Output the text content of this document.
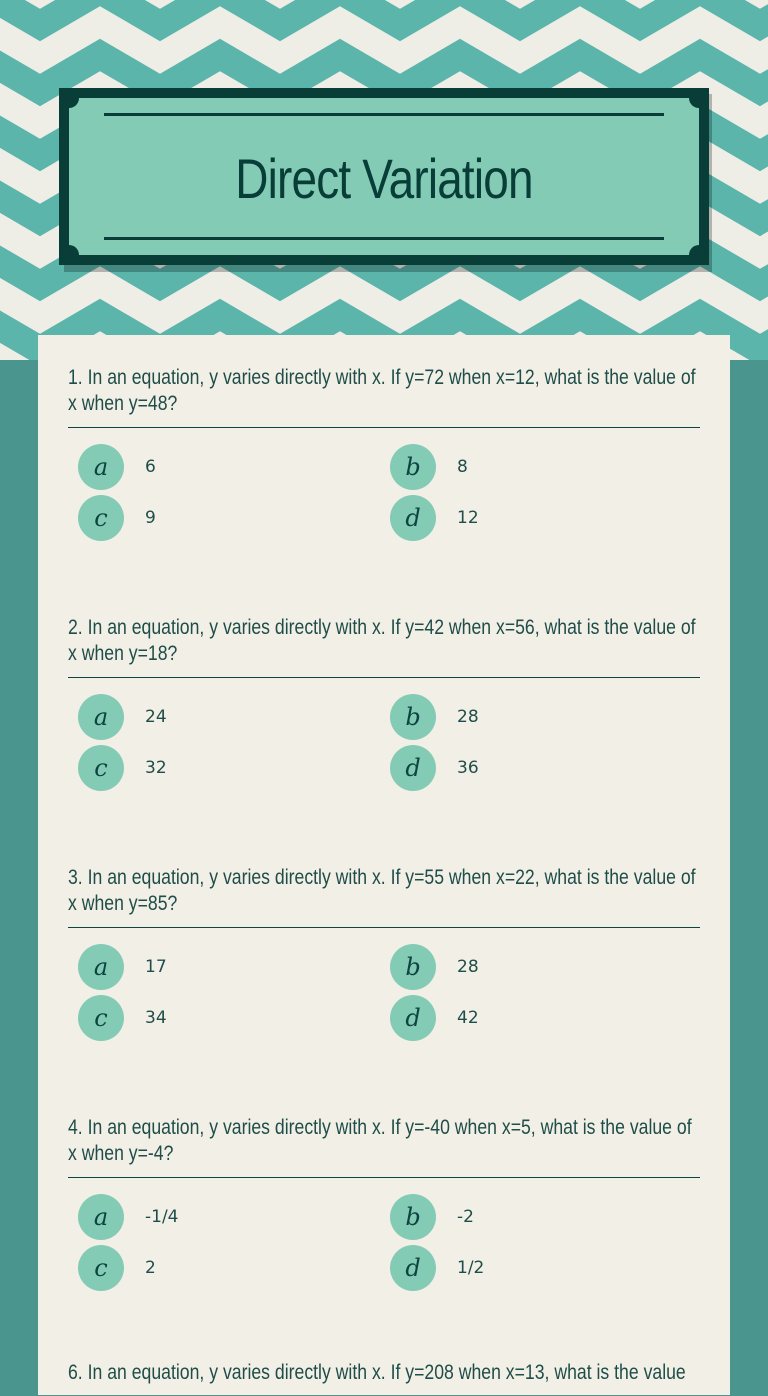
Direct Variation

1. In an equation, y varies directly with x. If y=72 when x=12, what is the value of x when y=48?

a	6	b	8
c	9	d	12

2. In an equation, y varies directly with x. If y=42 when x=56, what is the value of x when y=18?

a	24	b	28
c	32	d	36

3. In an equation, y varies directly with x. If y=55 when x=22, what is the value of x when y=85?

a	17	b	28
c	34	d	42

4. In an equation, y varies directly with x. If y=-40 when x=5, what is the value of x when y=-4?

a	-1/4	b	-2
c	2	d	1/2

6. In an equation, y varies directly with x. If y=208 when x=13, what is the value
